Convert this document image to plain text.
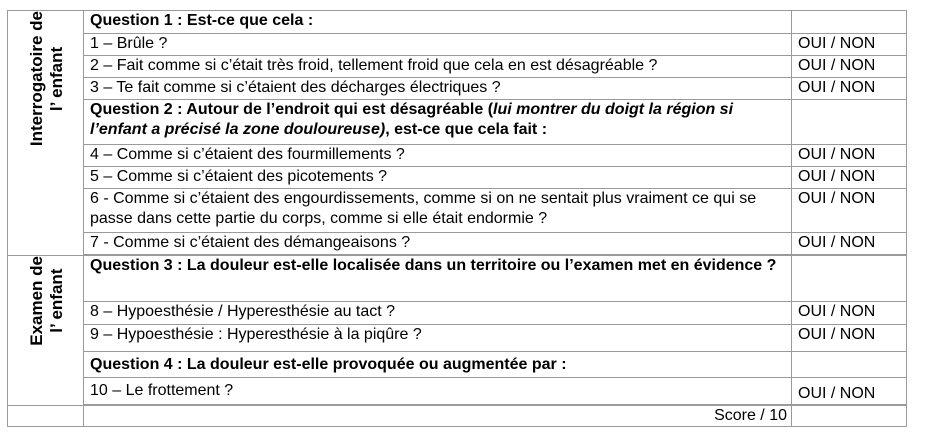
Interrogatoire de
l’ enfant	Question 1 : Est-ce que cela :	
	1 – Brûle ?	OUI / NON
	2 – Fait comme si c’était très froid, tellement froid que cela en est désagréable ?	OUI / NON
	3 – Te fait comme si c’étaient des décharges électriques ?	OUI / NON
	Question 2 : Autour de l’endroit qui est désagréable (lui montrer du doigt la région si l’enfant a précisé la zone douloureuse), est-ce que cela fait :	
	4 – Comme si c’étaient des fourmillements ?	OUI / NON
	5 – Comme si c’étaient des picotements ?	OUI / NON
	6 - Comme si c’étaient des engourdissements, comme si on ne sentait plus vraiment ce qui se passe dans cette partie du corps, comme si elle était endormie ?	OUI / NON
	7 - Comme si c’étaient des démangeaisons ?	OUI / NON

Examen de
l’ enfant	Question 3 : La douleur est-elle localisée dans un territoire ou l’examen met en évidence ?	
	8 – Hypoesthésie / Hyperesthésie au tact ?	OUI / NON
	9 – Hypoesthésie : Hyperesthésie à la piqûre ?	OUI / NON
	Question 4 : La douleur est-elle provoquée ou augmentée par :	
	10 – Le frottement ?	OUI / NON

	Score / 10	
